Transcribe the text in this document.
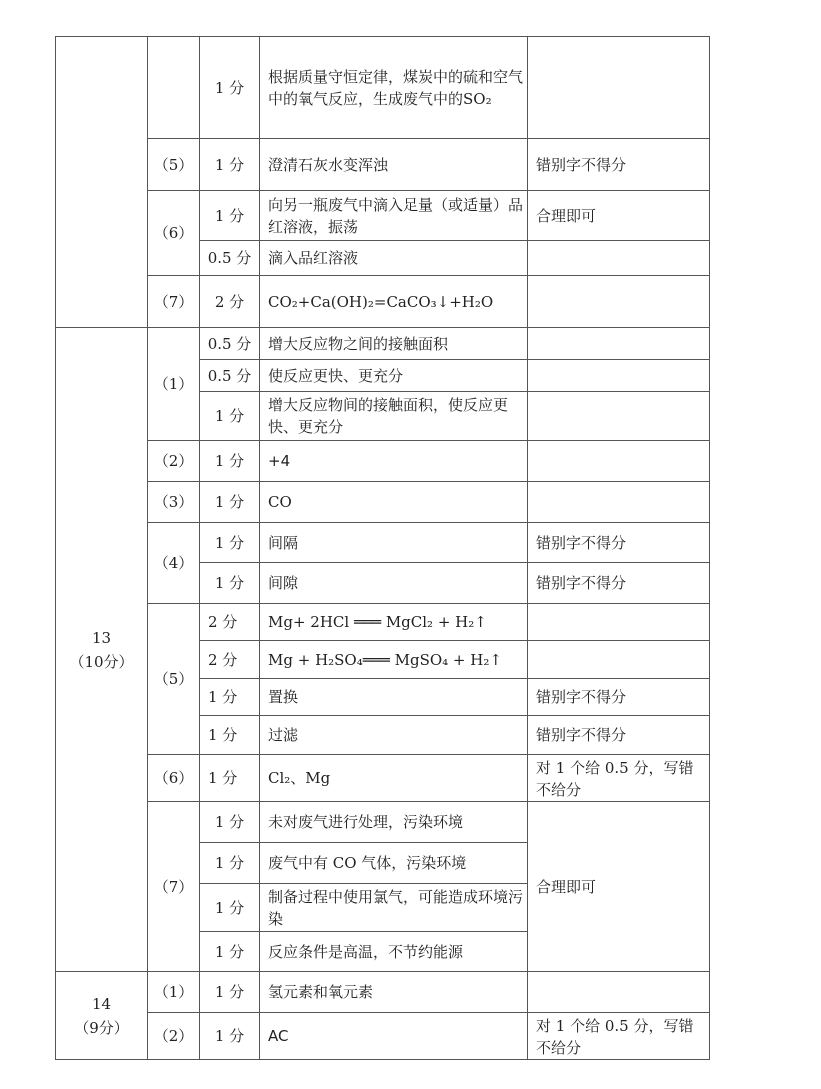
		1 分	根据质量守恒定律，煤炭中的硫和空气中的氧气反应，生成废气中的SO₂	
	（5）	1 分	澄清石灰水变浑浊	错别字不得分
	（6）	1 分	向另一瓶废气中滴入足量（或适量）品红溶液，振荡	合理即可
		0.5 分	滴入品红溶液	
	（7）	2 分	CO₂+Ca(OH)₂=CaCO₃↓+H₂O	

13
（10分）	（1）	0.5 分	增大反应物之间的接触面积	
		0.5 分	使反应更快、更充分	
		1 分	增大反应物间的接触面积，使反应更快、更充分	
	（2）	1 分	+4	
	（3）	1 分	CO	
	（4）	1 分	间隔	错别字不得分
		1 分	间隙	错别字不得分
	（5）	2 分	Mg+ 2HCl ═══ MgCl₂ + H₂↑	
		2 分	Mg + H₂SO₄═══ MgSO₄ + H₂↑	
		1 分	置换	错别字不得分
		1 分	过滤	错别字不得分
	（6）	1 分	Cl₂、Mg	对 1 个给 0.5 分，写错不给分
	（7）	1 分	未对废气进行处理，污染环境	合理即可
		1 分	废气中有 CO 气体，污染环境	
		1 分	制备过程中使用氯气，可能造成环境污染	
		1 分	反应条件是高温，不节约能源	

14
（9分）	（1）	1 分	氢元素和氧元素	
	（2）	1 分	AC	对 1 个给 0.5 分，写错不给分
